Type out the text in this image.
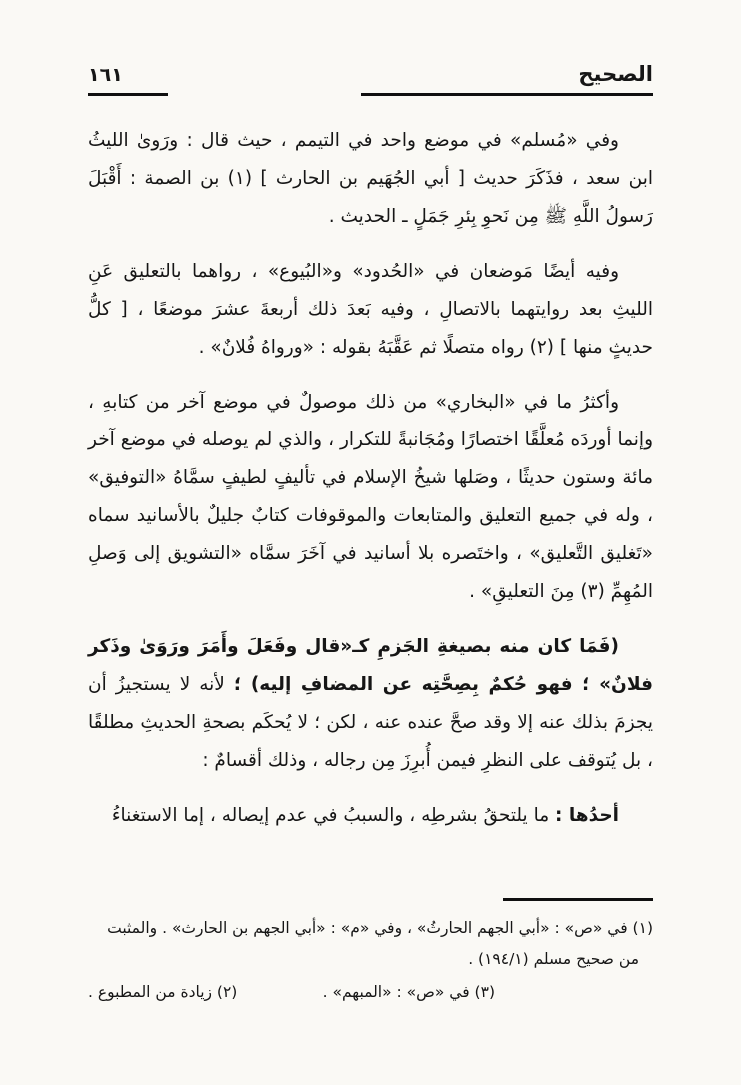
الصحيح
١٦١

وفي «مُسلم» في موضع واحد في التيمم ، حيث قال : ورَوىٰ الليثُ ابن سعد ، فذَكَرَ حديث [ أبي الجُهَيم بن الحارث ] (١) بن الصمة : أَقْبَلَ رَسولُ اللَّهِ ﷺ مِن نَحوِ بِئرِ جَمَلٍ ـ الحديث .

وفيه أيضًا مَوضعان في «الحُدود» و«البُيوع» ، رواهما بالتعليق عَنِ الليثِ بعد روايتهما بالاتصالِ ، وفيه بَعدَ ذلك أربعةَ عشرَ موضعًا ، [ كلُّ حديثٍ منها ] (٢) رواه متصلًا ثم عَقَّبَهُ بقوله : «ورواهُ فُلانٌ» .

وأكثرُ ما في «البخاري» من ذلك موصولٌ في موضع آخر من كتابهِ ، وإنما أوردَه مُعلَّقًا اختصارًا ومُجَانبةً للتكرار ، والذي لم يوصله في موضع آخر مائة وستون حديثًا ، وصَلها شيخُ الإسلام في تأليفٍ لطيفٍ سمَّاهُ «التوفيق» ، وله في جميع التعليق والمتابعات والموقوفات كتابٌ جليلٌ بالأسانيد سماه «تَغليق التَّعليق» ، واختَصره بلا أسانيد في آخَرَ سمَّاه «التشويق إلى وَصلِ المُهِمِّ (٣) مِنَ التعليقِ» .

(فَمَا كان منه بصيغةِ الجَزمِ كـ«قال وفَعَلَ وأَمَرَ ورَوَىٰ وذَكر فلانٌ» ؛ فهو حُكمٌ بِصِحَّتِه عن المضافِ إليه) ؛ لأنه لا يستجيزُ أن يجزمَ بذلك عنه إلا وقد صحَّ عنده عنه ، لكن ؛ لا يُحكَم بصحةِ الحديثِ مطلقًا ، بل يُتوقف على النظرِ فيمن أُبرِزَ مِن رجاله ، وذلك أقسامٌ :

أحدُها : ما يلتحقُ بشرطِه ، والسببُ في عدم إيصاله ، إما الاستغناءُ

(١) في «ص» : «أبي الجهم الحارثُ» ، وفي «م» : «أبي الجهم بن الحارث» . والمثبت
من صحيح مسلم (١٩٤/١) .
(٣) في «ص» : «المبهم» .
(٢) زيادة من المطبوع .
